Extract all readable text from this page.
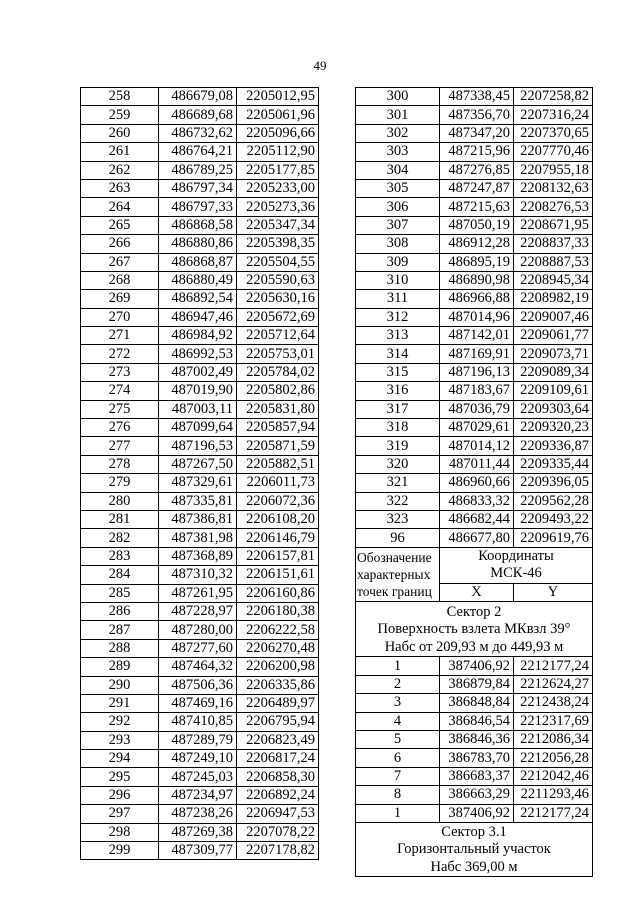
49
258	486679,08	2205012,95
259	486689,68	2205061,96
260	486732,62	2205096,66
261	486764,21	2205112,90
262	486789,25	2205177,85
263	486797,34	2205233,00
264	486797,33	2205273,36
265	486868,58	2205347,34
266	486880,86	2205398,35
267	486868,87	2205504,55
268	486880,49	2205590,63
269	486892,54	2205630,16
270	486947,46	2205672,69
271	486984,92	2205712,64
272	486992,53	2205753,01
273	487002,49	2205784,02
274	487019,90	2205802,86
275	487003,11	2205831,80
276	487099,64	2205857,94
277	487196,53	2205871,59
278	487267,50	2205882,51
279	487329,61	2206011,73
280	487335,81	2206072,36
281	487386,81	2206108,20
282	487381,98	2206146,79
283	487368,89	2206157,81
284	487310,32	2206151,61
285	487261,95	2206160,86
286	487228,97	2206180,38
287	487280,00	2206222,58
288	487277,60	2206270,48
289	487464,32	2206200,98
290	487506,36	2206335,86
291	487469,16	2206489,97
292	487410,85	2206795,94
293	487289,79	2206823,49
294	487249,10	2206817,24
295	487245,03	2206858,30
296	487234,97	2206892,24
297	487238,26	2206947,53
298	487269,38	2207078,22
299	487309,77	2207178,82
300	487338,45	2207258,82
301	487356,70	2207316,24
302	487347,20	2207370,65
303	487215,96	2207770,46
304	487276,85	2207955,18
305	487247,87	2208132,63
306	487215,63	2208276,53
307	487050,19	2208671,95
308	486912,28	2208837,33
309	486895,19	2208887,53
310	486890,98	2208945,34
311	486966,88	2208982,19
312	487014,96	2209007,46
313	487142,01	2209061,77
314	487169,91	2209073,71
315	487196,13	2209089,34
316	487183,67	2209109,61
317	487036,79	2209303,64
318	487029,61	2209320,23
319	487014,12	2209336,87
320	487011,44	2209335,44
321	486960,66	2209396,05
322	486833,32	2209562,28
323	486682,44	2209493,22
96	486677,80	2209619,76

Обозначение
характерных
точек границ	Координаты	
	МСК-46	
	X	Y

Сектор 2
Поверхность взлета МКвзл 39°
Набс от 209,93 м до 449,93 м		

1	387406,92	2212177,24
2	386879,84	2212624,27
3	386848,84	2212438,24
4	386846,54	2212317,69
5	386846,36	2212086,34
6	386783,70	2212056,28
7	386683,37	2212042,46
8	386663,29	2211293,46
1	387406,92	2212177,24

Сектор 3.1
Горизонтальный участок
Набс 369,00 м		
